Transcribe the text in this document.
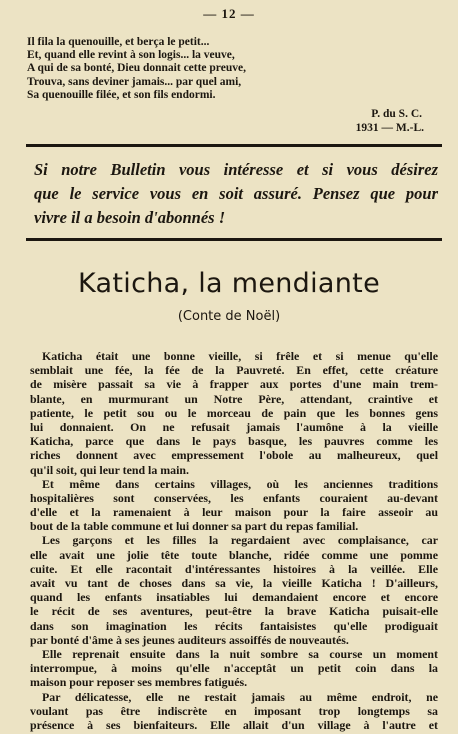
— 12 —
Il fila la quenouille, et berça le petit...
Et, quand elle revint à son logis... la veuve,
A qui de sa bonté, Dieu donnait cette preuve,
Trouva, sans deviner jamais... par quel ami,
Sa quenouille filée, et son fils endormi.
P. du S. C.
1931 — M.-L.
Si notre Bulletin vous intéresse et si vous désirez
que le service vous en soit assuré. Pensez que pour
vivre il a besoin d'abonnés !
Katicha, la mendiante
(Conte de Noël)
Katicha était une bonne vieille, si frêle et si menue qu'elle
semblait une fée, la fée de la Pauvreté. En effet, cette créature
de misère passait sa vie à frapper aux portes d'une main trem-
blante, en murmurant un Notre Père, attendant, craintive et
patiente, le petit sou ou le morceau de pain que les bonnes gens
lui donnaient. On ne refusait jamais l'aumône à la vieille
Katicha, parce que dans le pays basque, les pauvres comme les
riches donnent avec empressement l'obole au malheureux, quel
qu'il soit, qui leur tend la main.
Et même dans certains villages, où les anciennes traditions
hospitalières sont conservées, les enfants couraient au-devant
d'elle et la ramenaient à leur maison pour la faire asseoir au
bout de la table commune et lui donner sa part du repas familial.
Les garçons et les filles la regardaient avec complaisance, car
elle avait une jolie tête toute blanche, ridée comme une pomme
cuite. Et elle racontait d'intéressantes histoires à la veillée. Elle
avait vu tant de choses dans sa vie, la vieille Katicha ! D'ailleurs,
quand les enfants insatiables lui demandaient encore et encore
le récit de ses aventures, peut-être la brave Katicha puisait-elle
dans son imagination les récits fantaisistes qu'elle prodiguait
par bonté d'âme à ses jeunes auditeurs assoiffés de nouveautés.
Elle reprenait ensuite dans la nuit sombre sa course un moment
interrompue, à moins qu'elle n'acceptât un petit coin dans la
maison pour reposer ses membres fatigués.
Par délicatesse, elle ne restait jamais au même endroit, ne
voulant pas être indiscrète en imposant trop longtemps sa
présence à ses bienfaiteurs. Elle allait d'un village à l'autre et
